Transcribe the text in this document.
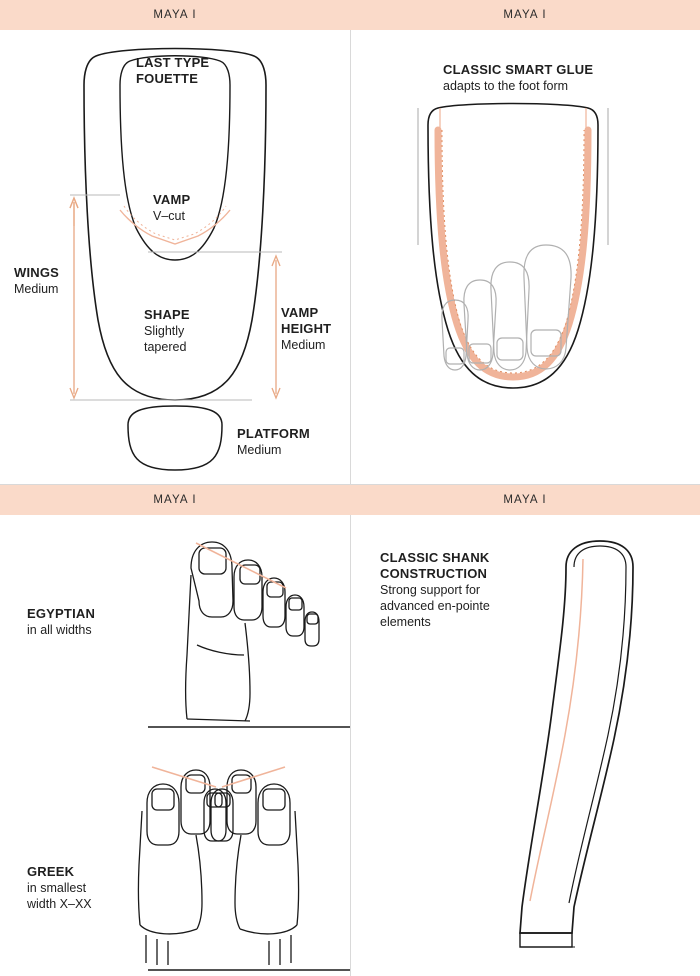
MAYA I	MAYA I
MAYA I	MAYA I
LAST TYPE
FOUETTE
VAMP
V–cut
WINGS
Medium
SHAPE
Slightly
tapered
VAMP
HEIGHT
Medium
PLATFORM
Medium
CLASSIC SMART GLUE
adapts to the foot form
EGYPTIAN
in all widths
GREEK
in smallest
width X–XX
CLASSIC SHANK
CONSTRUCTION
Strong support for
advanced en-pointe
elements
